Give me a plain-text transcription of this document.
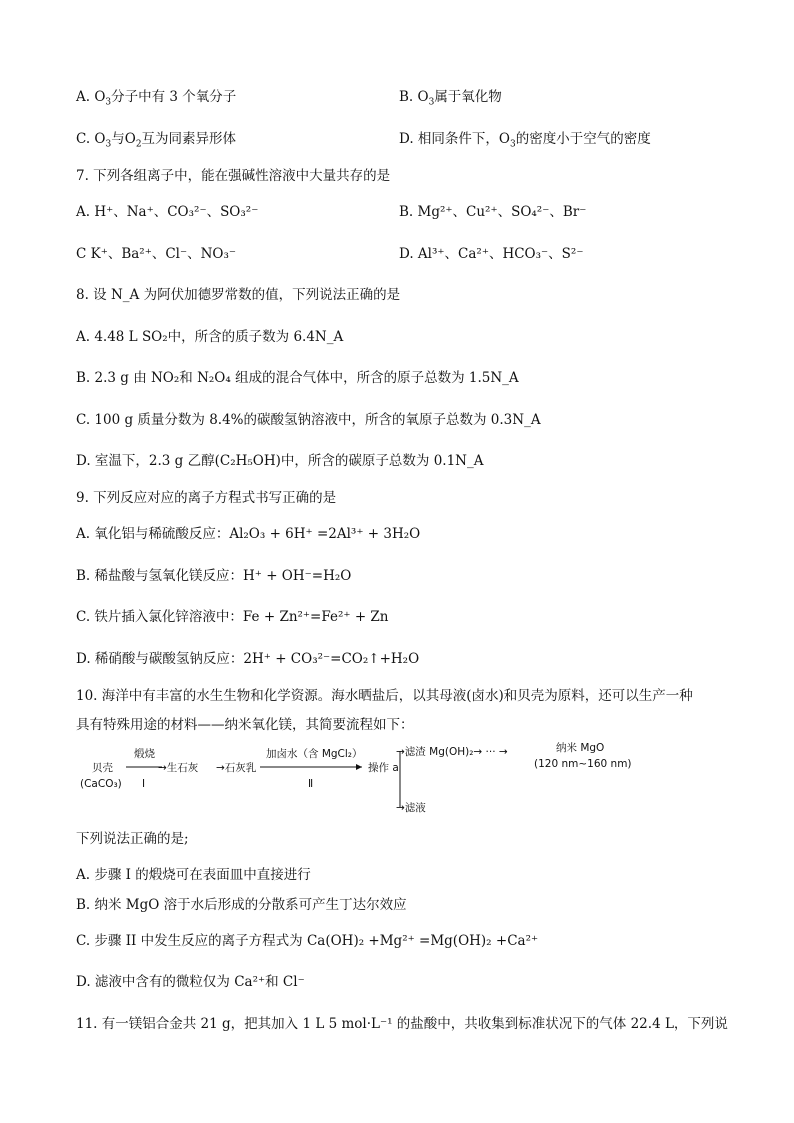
A. $O_3$分子中有 3 个氧分子	B. $O_3$属于氧化物
C. $O_3$与$O_2$互为同素异形体	D. 相同条件下，$O_3$的密度小于空气的密度
7. 下列各组离子中，能在强碱性溶液中大量共存的是
A. H⁺、Na⁺、CO₃²⁻、SO₃²⁻	B. Mg²⁺、Cu²⁺、SO₄²⁻、Br⁻
C K⁺、Ba²⁺、Cl⁻、NO₃⁻	D. Al³⁺、Ca²⁺、HCO₃⁻、S²⁻
8. 设 N_A 为阿伏加德罗常数的值，下列说法正确的是
A. 4.48 L SO₂中，所含的质子数为 6.4N_A
B. 2.3 g 由 NO₂和 N₂O₄ 组成的混合气体中，所含的原子总数为 1.5N_A
C. 100 g 质量分数为 8.4%的碳酸氢钠溶液中，所含的氧原子总数为 0.3N_A
D. 室温下，2.3 g 乙醇(C₂H₅OH)中，所含的碳原子总数为 0.1N_A
9. 下列反应对应的离子方程式书写正确的是
A. 氧化铝与稀硫酸反应：Al₂O₃ + 6H⁺ =2Al³⁺ + 3H₂O
B. 稀盐酸与氢氧化镁反应：H⁺ + OH⁻=H₂O
C. 铁片插入氯化锌溶液中：Fe + Zn²⁺=Fe²⁺ + Zn
D. 稀硝酸与碳酸氢钠反应：2H⁺ + CO₃²⁻=CO₂↑+H₂O
10. 海洋中有丰富的水生生物和化学资源。海水晒盐后，以其母液(卤水)和贝壳为原料，还可以生产一种
具有特殊用途的材料——纳米氧化镁，其简要流程如下：
贝壳
(CaCO₃)
煅烧
I
→生石灰 →石灰乳
加卤水（含 MgCl₂）
Ⅱ
操作 a
→滤渣 Mg(OH)₂→ ··· →	纳米 MgO
(120 nm~160 nm)
→滤液
下列说法正确的是;
A. 步骤 I 的煅烧可在表面皿中直接进行
B. 纳米 MgO 溶于水后形成的分散系可产生丁达尔效应
C. 步骤 II 中发生反应的离子方程式为 Ca(OH)₂ +Mg²⁺ =Mg(OH)₂ +Ca²⁺
D. 滤液中含有的微粒仅为 Ca²⁺和 Cl⁻
11. 有一镁铝合金共 21 g，把其加入 1 L 5 mol·L⁻¹ 的盐酸中，共收集到标准状况下的气体 22.4 L，下列说
